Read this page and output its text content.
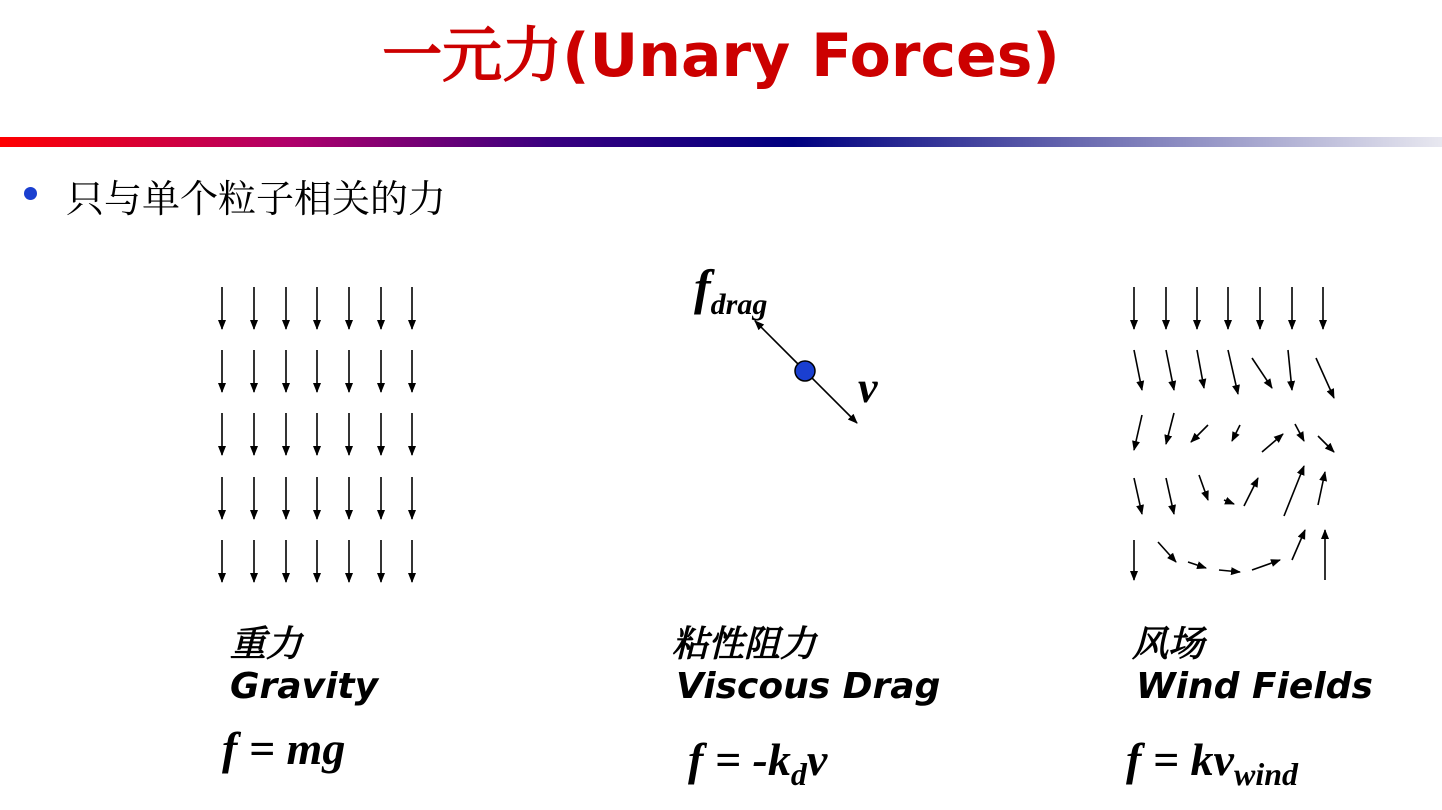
一元力(Unary Forces)
只与单个粒子相关的力
$f_{drag}$
v
重力
Gravity
f = mg
粘性阻力
Viscous Drag
$f = -k_dv$
风场
Wind Fields
$f = kv_{wind}$
